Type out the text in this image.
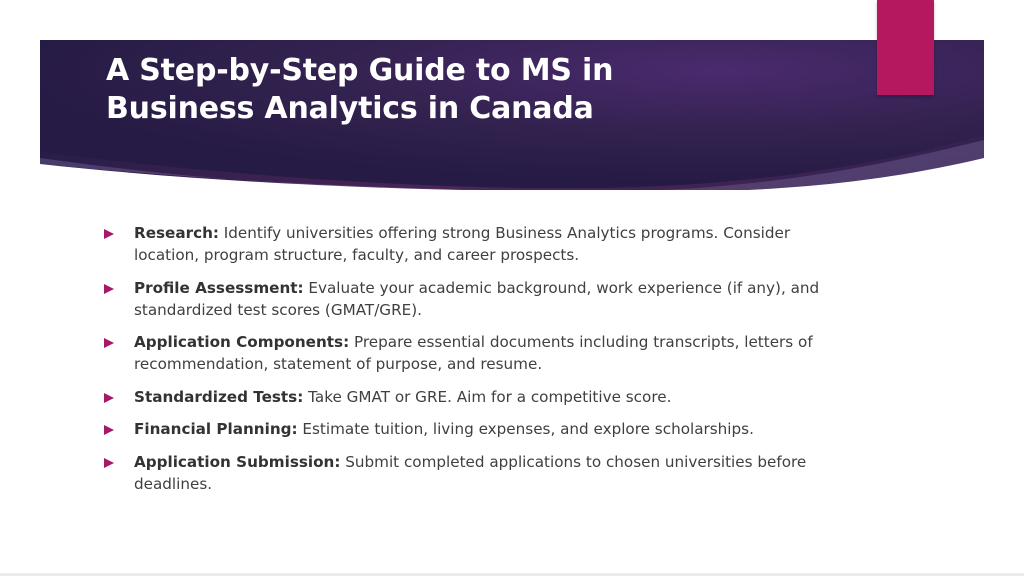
A Step-by-Step Guide to MS in
Business Analytics in Canada
Research: Identify universities offering strong Business Analytics programs. Consider location, program structure, faculty, and career prospects.
Profile Assessment: Evaluate your academic background, work experience (if any), and standardized test scores (GMAT/GRE).
Application Components: Prepare essential documents including transcripts, letters of recommendation, statement of purpose, and resume.
Standardized Tests: Take GMAT or GRE. Aim for a competitive score.
Financial Planning: Estimate tuition, living expenses, and explore scholarships.
Application Submission: Submit completed applications to chosen universities before deadlines.
